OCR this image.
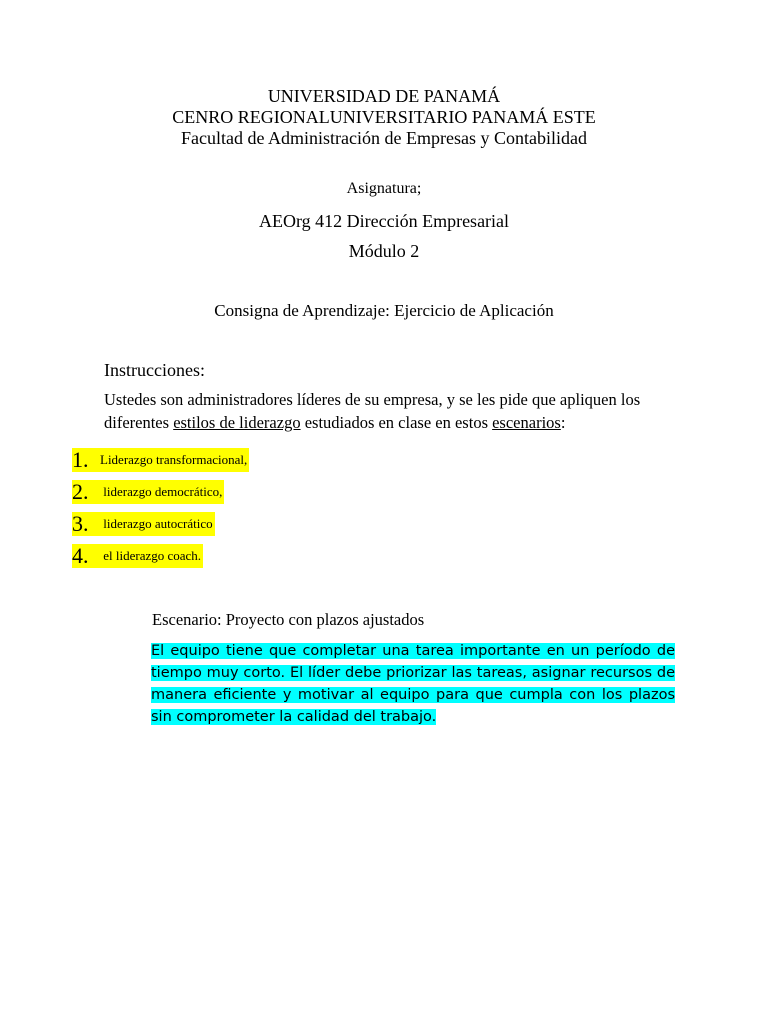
UNIVERSIDAD DE PANAMÁ
CENRO REGIONALUNIVERSITARIO PANAMÁ ESTE
Facultad de Administración de Empresas y Contabilidad
Asignatura;
AEOrg 412 Dirección Empresarial
Módulo 2
Consigna de Aprendizaje: Ejercicio de Aplicación
Instrucciones:
Ustedes son administradores líderes de su empresa, y se les pide que apliquen los diferentes estilos de liderazgo estudiados en clase en estos escenarios:
1. Liderazgo transformacional,
2. liderazgo democrático,
3. liderazgo autocrático
4. el liderazgo coach.
Escenario: Proyecto con plazos ajustados
El equipo tiene que completar una tarea importante en un período de tiempo muy corto. El líder debe priorizar las tareas, asignar recursos de manera eficiente y motivar al equipo para que cumpla con los plazos sin comprometer la calidad del trabajo.
